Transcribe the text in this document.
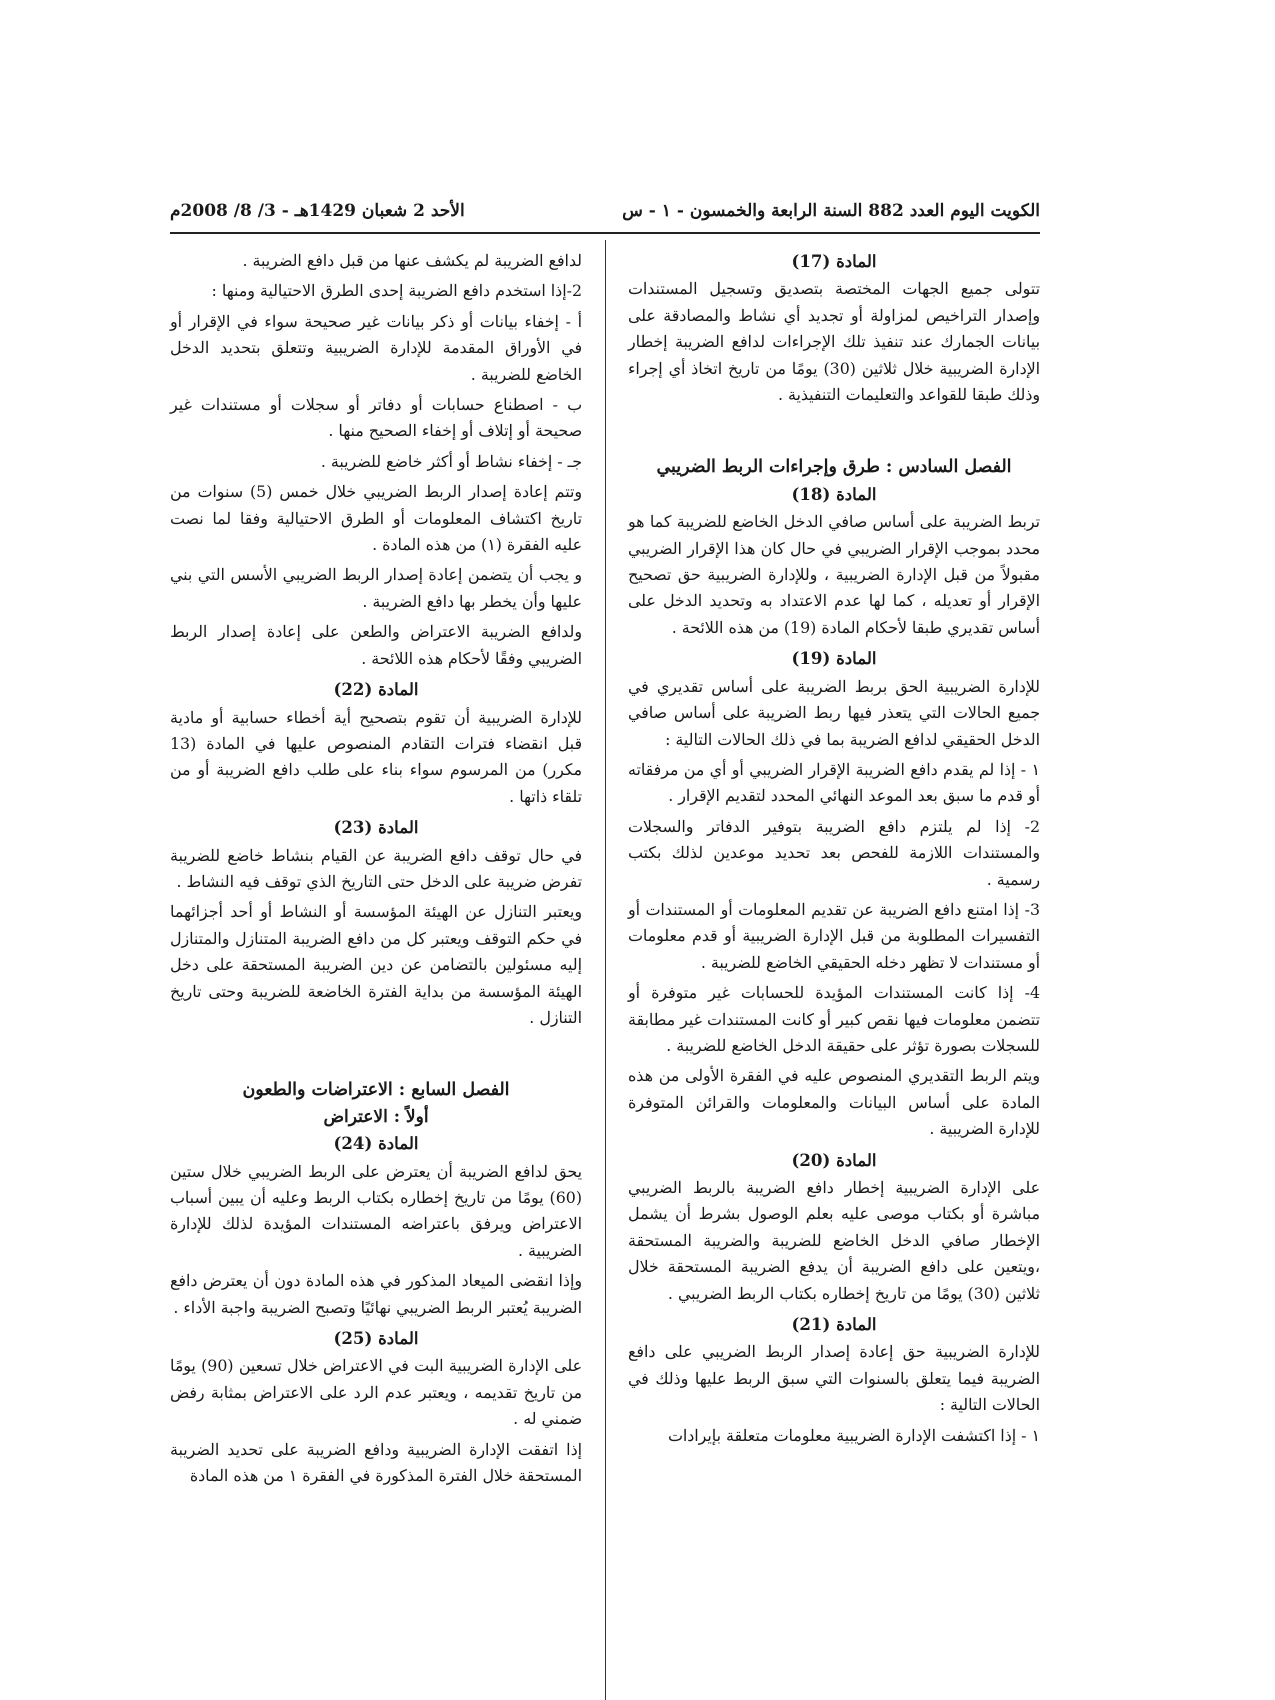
الكويت اليوم العدد 882 السنة الرابعة والخمسون - ١ - س
الأحد 2 شعبان 1429هـ - 3/ 8/ 2008م
المادة (17)

تتولى جميع الجهات المختصة بتصديق وتسجيل المستندات وإصدار التراخيص لمزاولة أو تجديد أي نشاط والمصادقة على بيانات الجمارك عند تنفيذ تلك الإجراءات لدافع الضريبة إخطار الإدارة الضريبية خلال ثلاثين (30) يومًا من تاريخ اتخاذ أي إجراء وذلك طبقا للقواعد والتعليمات التنفيذية .

الفصل السادس : طرق وإجراءات الربط الضريبي
المادة (18)

تربط الضريبة على أساس صافي الدخل الخاضع للضريبة كما هو محدد بموجب الإقرار الضريبي في حال كان هذا الإقرار الضريبي مقبولاً من قبل الإدارة الضريبية ، وللإدارة الضريبية حق تصحيح الإقرار أو تعديله ، كما لها عدم الاعتداد به وتحديد الدخل على أساس تقديري طبقا لأحكام المادة (19) من هذه اللائحة .

المادة (19)

للإدارة الضريبية الحق بربط الضريبة على أساس تقديري في جميع الحالات التي يتعذر فيها ربط الضريبة على أساس صافي الدخل الحقيقي لدافع الضريبة بما في ذلك الحالات التالية :

١ - إذا لم يقدم دافع الضريبة الإقرار الضريبي أو أي من مرفقاته أو قدم ما سبق بعد الموعد النهائي المحدد لتقديم الإقرار .

2- إذا لم يلتزم دافع الضريبة بتوفير الدفاتر والسجلات والمستندات اللازمة للفحص بعد تحديد موعدين لذلك بكتب رسمية .

3- إذا امتنع دافع الضريبة عن تقديم المعلومات أو المستندات أو التفسيرات المطلوبة من قبل الإدارة الضريبية أو قدم معلومات أو مستندات لا تظهر دخله الحقيقي الخاضع للضريبة .

4- إذا كانت المستندات المؤيدة للحسابات غير متوفرة أو تتضمن معلومات فيها نقص كبير أو كانت المستندات غير مطابقة للسجلات بصورة تؤثر على حقيقة الدخل الخاضع للضريبة .

ويتم الربط التقديري المنصوص عليه في الفقرة الأولى من هذه المادة على أساس البيانات والمعلومات والقرائن المتوفرة للإدارة الضريبية .

المادة (20)

على الإدارة الضريبية إخطار دافع الضريبة بالربط الضريبي مباشرة أو بكتاب موصى عليه بعلم الوصول بشرط أن يشمل الإخطار صافي الدخل الخاضع للضريبة والضريبة المستحقة ،ويتعين على دافع الضريبة أن يدفع الضريبة المستحقة خلال ثلاثين (30) يومًا من تاريخ إخطاره بكتاب الربط الضريبي .

المادة (21)

للإدارة الضريبية حق إعادة إصدار الربط الضريبي على دافع الضريبة فيما يتعلق بالسنوات التي سبق الربط عليها وذلك في الحالات التالية :

١ - إذا اكتشفت الإدارة الضريبية معلومات متعلقة بإيرادات

لدافع الضريبة لم يكشف عنها من قبل دافع الضريبة .

2-إذا استخدم دافع الضريبة إحدى الطرق الاحتيالية ومنها :

أ - إخفاء بيانات أو ذكر بيانات غير صحيحة سواء في الإقرار أو في الأوراق المقدمة للإدارة الضريبية وتتعلق بتحديد الدخل الخاضع للضريبة .

ب - اصطناع حسابات أو دفاتر أو سجلات أو مستندات غير صحيحة أو إتلاف أو إخفاء الصحيح منها .

جـ - إخفاء نشاط أو أكثر خاضع للضريبة .

وتتم إعادة إصدار الربط الضريبي خلال خمس (5) سنوات من تاريخ اكتشاف المعلومات أو الطرق الاحتيالية وفقا لما نصت عليه الفقرة (١) من هذه المادة .

و يجب أن يتضمن إعادة إصدار الربط الضريبي الأسس التي بني عليها وأن يخطر بها دافع الضريبة .

ولدافع الضريبة الاعتراض والطعن على إعادة إصدار الربط الضريبي وفقًا لأحكام هذه اللائحة .

المادة (22)

للإدارة الضريبية أن تقوم بتصحيح أية أخطاء حسابية أو مادية قبل انقضاء فترات التقادم المنصوص عليها في المادة (13 مكرر) من المرسوم سواء بناء على طلب دافع الضريبة أو من تلقاء ذاتها .

المادة (23)

في حال توقف دافع الضريبة عن القيام بنشاط خاضع للضريبة تفرض ضريبة على الدخل حتى التاريخ الذي توقف فيه النشاط .

ويعتبر التنازل عن الهيئة المؤسسة أو النشاط أو أحد أجزائهما في حكم التوقف ويعتبر كل من دافع الضريبة المتنازل والمتنازل إليه مسئولين بالتضامن عن دين الضريبة المستحقة على دخل الهيئة المؤسسة من بداية الفترة الخاضعة للضريبة وحتى تاريخ التنازل .

الفصل السابع : الاعتراضات والطعون
أولاً : الاعتراض
المادة (24)

يحق لدافع الضريبة أن يعترض على الربط الضريبي خلال ستين (60) يومًا من تاريخ إخطاره بكتاب الربط وعليه أن يبين أسباب الاعتراض ويرفق باعتراضه المستندات المؤيدة لذلك للإدارة الضريبية .

وإذا انقضى الميعاد المذكور في هذه المادة دون أن يعترض دافع الضريبة يُعتبر الربط الضريبي نهائيًا وتصبح الضريبة واجبة الأداء .

المادة (25)

على الإدارة الضريبية البت في الاعتراض خلال تسعين (90) يومًا من تاريخ تقديمه ، ويعتبر عدم الرد على الاعتراض بمثابة رفض ضمني له .

إذا اتفقت الإدارة الضريبية ودافع الضريبة على تحديد الضريبة المستحقة خلال الفترة المذكورة في الفقرة ١ من هذه المادة
